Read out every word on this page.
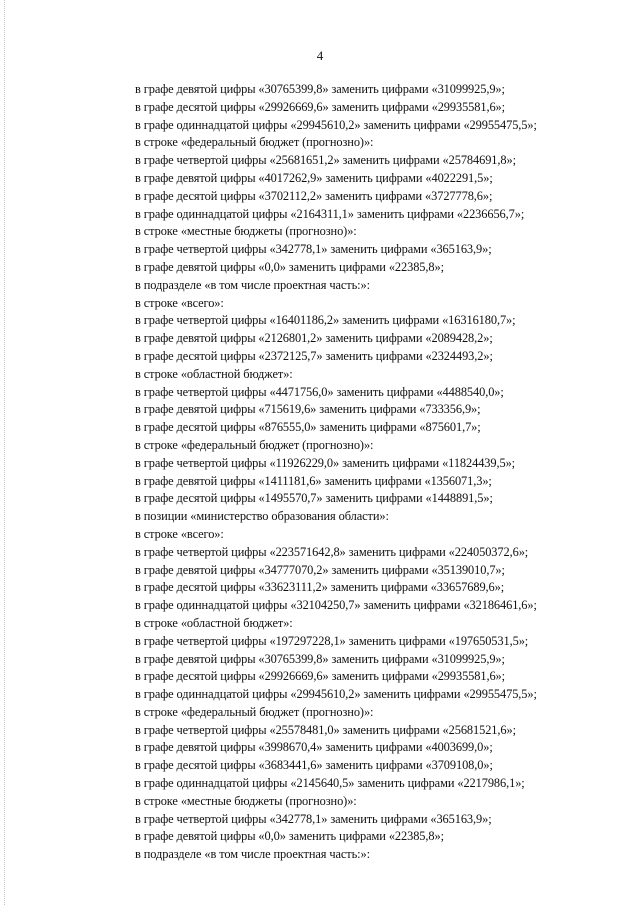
4
в графе девятой цифры «30765399,8» заменить цифрами «31099925,9»;
в графе десятой цифры «29926669,6» заменить цифрами «29935581,6»;
в графе одиннадцатой цифры «29945610,2» заменить цифрами «29955475,5»;
в строке «федеральный бюджет (прогнозно)»:
в графе четвертой цифры «25681651,2» заменить цифрами «25784691,8»;
в графе девятой цифры «4017262,9» заменить цифрами «4022291,5»;
в графе десятой цифры «3702112,2» заменить цифрами «3727778,6»;
в графе одиннадцатой цифры «2164311,1» заменить цифрами «2236656,7»;
в строке «местные бюджеты (прогнозно)»:
в графе четвертой цифры «342778,1» заменить цифрами «365163,9»;
в графе девятой цифры «0,0» заменить цифрами «22385,8»;
в подразделе «в том числе проектная часть:»:
в строке «всего»:
в графе четвертой цифры «16401186,2» заменить цифрами «16316180,7»;
в графе девятой цифры «2126801,2» заменить цифрами «2089428,2»;
в графе десятой цифры «2372125,7» заменить цифрами «2324493,2»;
в строке «областной бюджет»:
в графе четвертой цифры «4471756,0» заменить цифрами «4488540,0»;
в графе девятой цифры «715619,6» заменить цифрами «733356,9»;
в графе десятой цифры «876555,0» заменить цифрами «875601,7»;
в строке «федеральный бюджет (прогнозно)»:
в графе четвертой цифры «11926229,0» заменить цифрами «11824439,5»;
в графе девятой цифры «1411181,6» заменить цифрами «1356071,3»;
в графе десятой цифры «1495570,7» заменить цифрами «1448891,5»;
в позиции «министерство образования области»:
в строке «всего»:
в графе четвертой цифры «223571642,8» заменить цифрами «224050372,6»;
в графе девятой цифры «34777070,2» заменить цифрами «35139010,7»;
в графе десятой цифры «33623111,2» заменить цифрами «33657689,6»;
в графе одиннадцатой цифры «32104250,7» заменить цифрами «32186461,6»;
в строке «областной бюджет»:
в графе четвертой цифры «197297228,1» заменить цифрами «197650531,5»;
в графе девятой цифры «30765399,8» заменить цифрами «31099925,9»;
в графе десятой цифры «29926669,6» заменить цифрами «29935581,6»;
в графе одиннадцатой цифры «29945610,2» заменить цифрами «29955475,5»;
в строке «федеральный бюджет (прогнозно)»:
в графе четвертой цифры «25578481,0» заменить цифрами «25681521,6»;
в графе девятой цифры «3998670,4» заменить цифрами «4003699,0»;
в графе десятой цифры «3683441,6» заменить цифрами «3709108,0»;
в графе одиннадцатой цифры «2145640,5» заменить цифрами «2217986,1»;
в строке «местные бюджеты (прогнозно)»:
в графе четвертой цифры «342778,1» заменить цифрами «365163,9»;
в графе девятой цифры «0,0» заменить цифрами «22385,8»;
в подразделе «в том числе проектная часть:»:
